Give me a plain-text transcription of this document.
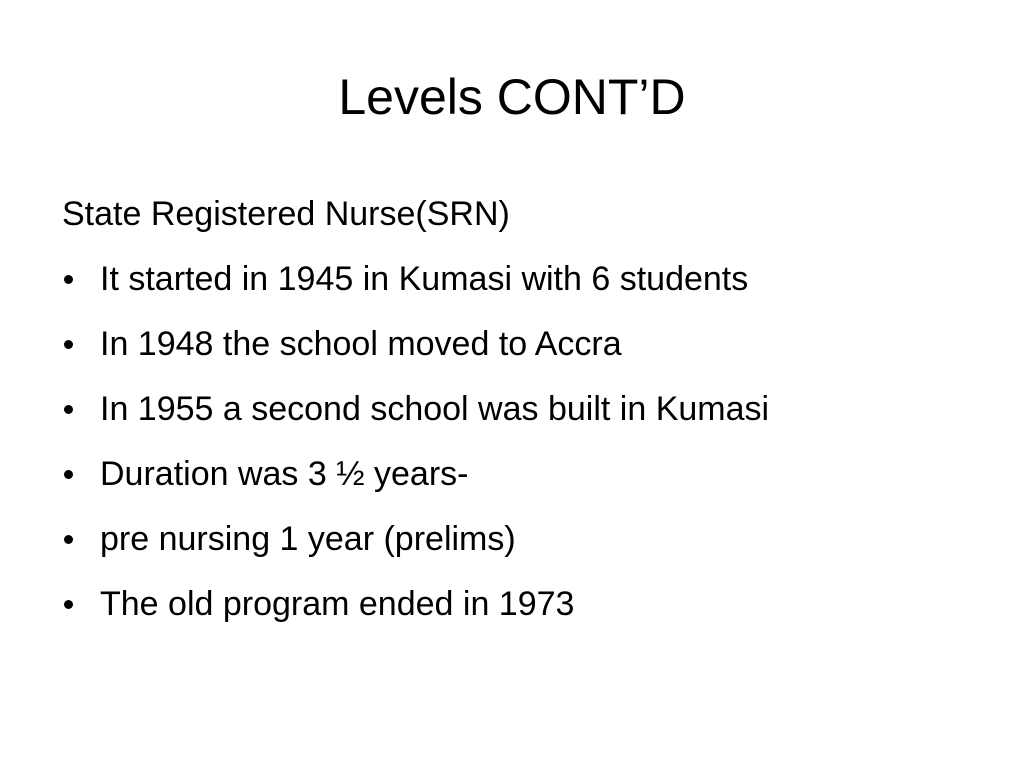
Levels CONT’D
State Registered Nurse(SRN)
It started in 1945 in Kumasi with 6 students
In 1948 the school moved to Accra
In 1955 a second school was built in Kumasi
Duration was 3 ½ years-
pre nursing 1 year (prelims)
The old program ended in 1973
